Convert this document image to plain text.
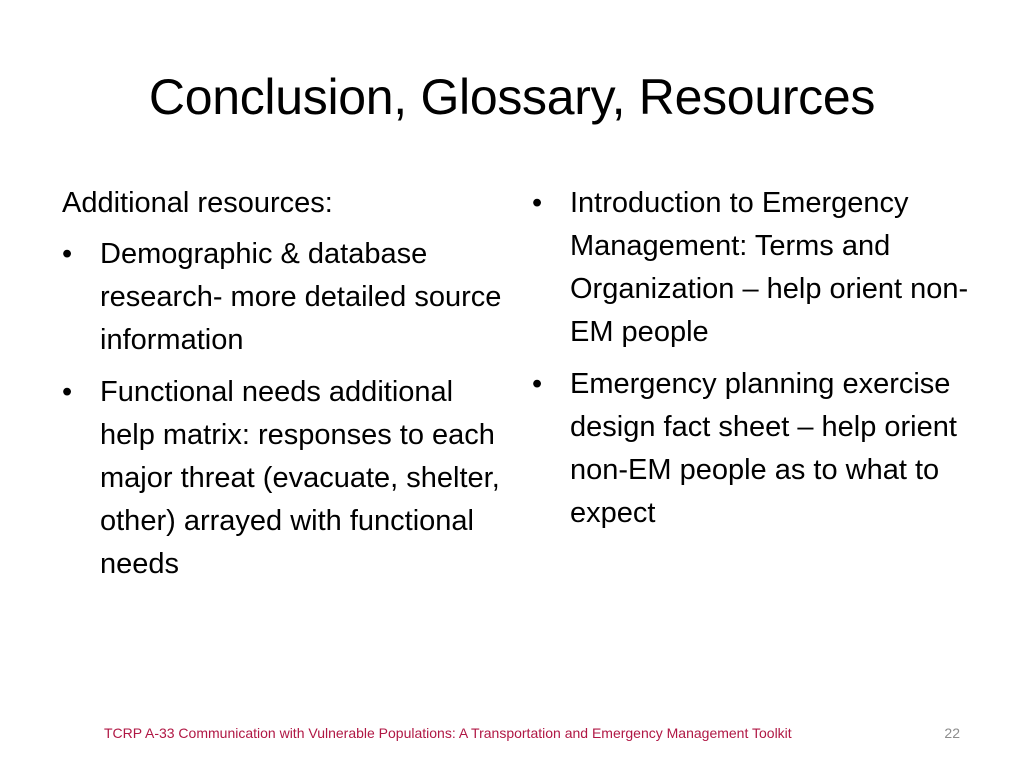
Conclusion, Glossary, Resources

Additional resources:

• Demographic & database research- more detailed source information
• Functional needs additional help matrix: responses to each major threat (evacuate, shelter, other) arrayed with functional needs
• Introduction to Emergency Management: Terms and Organization – help orient non-EM people
• Emergency planning exercise design fact sheet – help orient non-EM people as to what to expect
TCRP A-33 Communication with Vulnerable Populations: A Transportation and Emergency Management Toolkit	22
